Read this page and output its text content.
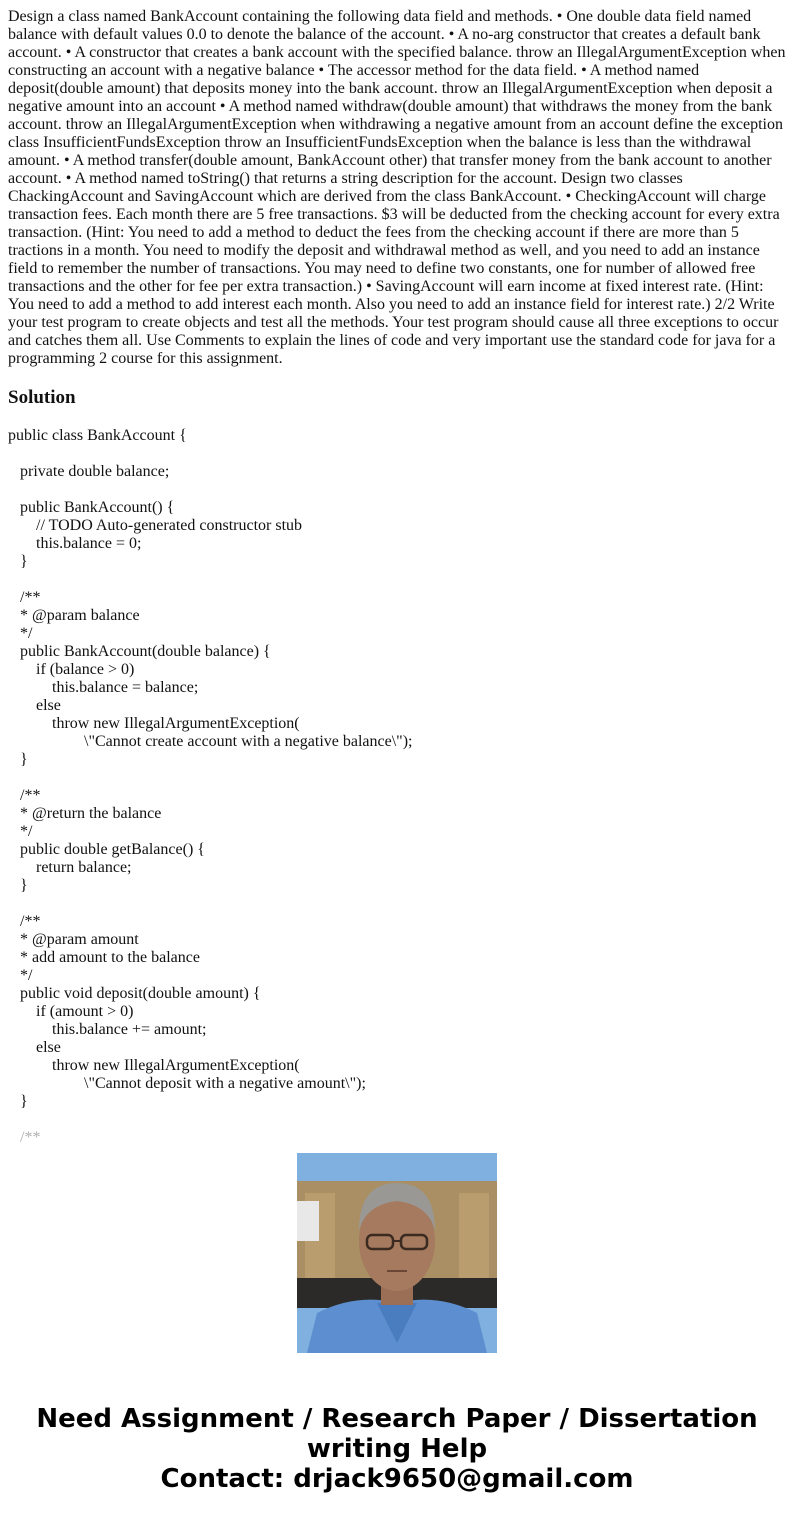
Design a class named BankAccount containing the following data field and methods. • One double data field named balance with default values 0.0 to denote the balance of the account. • A no-arg constructor that creates a default bank account. • A constructor that creates a bank account with the specified balance. throw an IllegalArgumentException when constructing an account with a negative balance • The accessor method for the data field. • A method named deposit(double amount) that deposits money into the bank account. throw an IllegalArgumentException when deposit a negative amount into an account • A method named withdraw(double amount) that withdraws the money from the bank account. throw an IllegalArgumentException when withdrawing a negative amount from an account define the exception class InsufficientFundsException throw an InsufficientFundsException when the balance is less than the withdrawal amount. • A method transfer(double amount, BankAccount other) that transfer money from the bank account to another account. • A method named toString() that returns a string description for the account. Design two classes ChackingAccount and SavingAccount which are derived from the class BankAccount. • CheckingAccount will charge transaction fees. Each month there are 5 free transactions. $3 will be deducted from the checking account for every extra transaction. (Hint: You need to add a method to deduct the fees from the checking account if there are more than 5 tractions in a month. You need to modify the deposit and withdrawal method as well, and you need to add an instance field to remember the number of transactions. You may need to define two constants, one for number of allowed free transactions and the other for fee per extra transaction.) • SavingAccount will earn income at fixed interest rate. (Hint: You need to add a method to add interest each month. Also you need to add an instance field for interest rate.) 2/2 Write your test program to create objects and test all the methods. Your test program should cause all three exceptions to occur and catches them all. Use Comments to explain the lines of code and very important use the standard code for java for a programming 2 course for this assignment.

Solution
public class BankAccount {
private double balance;
public BankAccount() {
// TODO Auto-generated constructor stub
this.balance = 0;
}
/**
* @param balance
*/
public BankAccount(double balance) {
if (balance > 0)
this.balance = balance;
else
throw new IllegalArgumentException(
\"Cannot create account with a negative balance\");
}
/**
* @return the balance
*/
public double getBalance() {
return balance;
}
/**
* @param amount
* add amount to the balance
*/
public void deposit(double amount) {
if (amount > 0)
this.balance += amount;
else
throw new IllegalArgumentException(
\"Cannot deposit with a negative amount\");
}
/**
Need Assignment / Research Paper / Dissertation
writing Help
Contact: drjack9650@gmail.com
